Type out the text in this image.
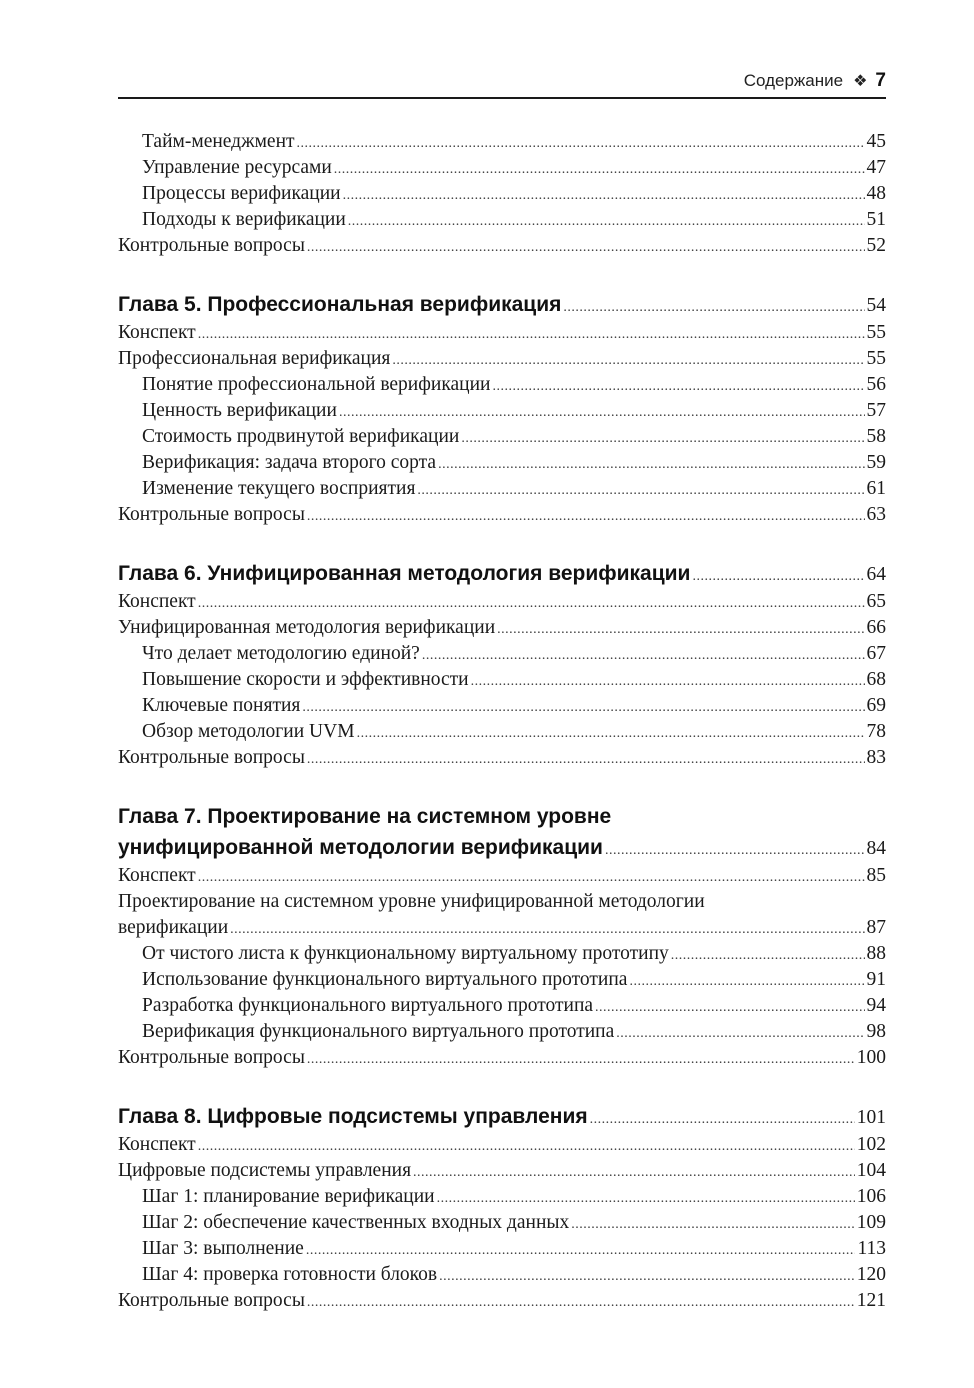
Содержание ❖ 7
Тайм-менеджмент .....	45
Управление ресурсами .....	47
Процессы верификации .....	48
Подходы к верификации .....	51
Контрольные вопросы .....	52
Глава 5. Профессиональная верификация .....	54
Конспект .....	55
Профессиональная верификация .....	55
Понятие профессиональной верификации .....	56
Ценность верификации .....	57
Стоимость продвинутой верификации .....	58
Верификация: задача второго сорта .....	59
Изменение текущего восприятия .....	61
Контрольные вопросы .....	63
Глава 6. Унифицированная методология верификации .....	64
Конспект .....	65
Унифицированная методология верификации .....	66
Что делает методологию единой? .....	67
Повышение скорости и эффективности .....	68
Ключевые понятия .....	69
Обзор методологии UVM .....	78
Контрольные вопросы .....	83
Глава 7. Проектирование на системном уровне
унифицированной методологии верификации .....	84
Конспект .....	85
Проектирование на системном уровне унифицированной методологии
верификации .....	87
От чистого листа к функциональному виртуальному прототипу .....	88
Использование функционального виртуального прототипа .....	91
Разработка функционального виртуального прототипа .....	94
Верификация функционального виртуального прототипа .....	98
Контрольные вопросы .....	100
Глава 8. Цифровые подсистемы управления .....	101
Конспект .....	102
Цифровые подсистемы управления .....	104
Шаг 1: планирование верификации .....	106
Шаг 2: обеспечение качественных входных данных .....	109
Шаг 3: выполнение .....	113
Шаг 4: проверка готовности блоков .....	120
Контрольные вопросы .....	121
